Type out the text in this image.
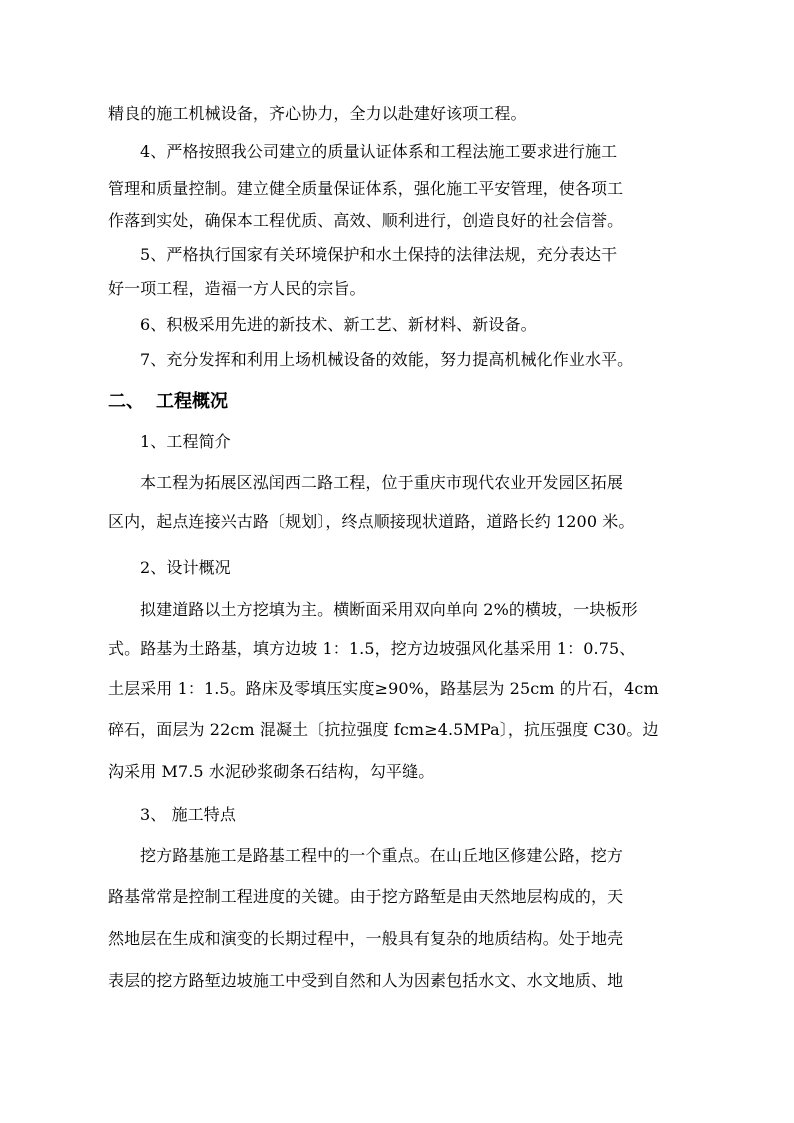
精良的施工机械设备，齐心协力，全力以赴建好该项工程。
4、严格按照我公司建立的质量认证体系和工程法施工要求进行施工
管理和质量控制。建立健全质量保证体系，强化施工平安管理，使各项工
作落到实处，确保本工程优质、高效、顺利进行，创造良好的社会信誉。
5、严格执行国家有关环境保护和水土保持的法律法规，充分表达干
好一项工程，造福一方人民的宗旨。
6、积极采用先进的新技术、新工艺、新材料、新设备。
7、充分发挥和利用上场机械设备的效能，努力提高机械化作业水平。
二、 工程概况
1、工程简介
本工程为拓展区泓闰西二路工程，位于重庆市现代农业开发园区拓展
区内，起点连接兴古路〔规划〕，终点顺接现状道路，道路长约 1200 米。
2、设计概况
拟建道路以土方挖填为主。横断面采用双向单向 2%的横坡，一块板形
式。路基为土路基，填方边坡 1：1.5，挖方边坡强风化基采用 1：0.75、
土层采用 1：1.5。路床及零填压实度≥90%，路基层为 25cm 的片石，4cm
碎石，面层为 22cm 混凝土〔抗拉强度 fcm≥4.5MPa〕，抗压强度 C30。边
沟采用 M7.5 水泥砂浆砌条石结构，勾平缝。
3、 施工特点
挖方路基施工是路基工程中的一个重点。在山丘地区修建公路，挖方
路基常常是控制工程进度的关键。由于挖方路堑是由天然地层构成的，天
然地层在生成和演变的长期过程中，一般具有复杂的地质结构。处于地壳
表层的挖方路堑边坡施工中受到自然和人为因素包括水文、水文地质、地
